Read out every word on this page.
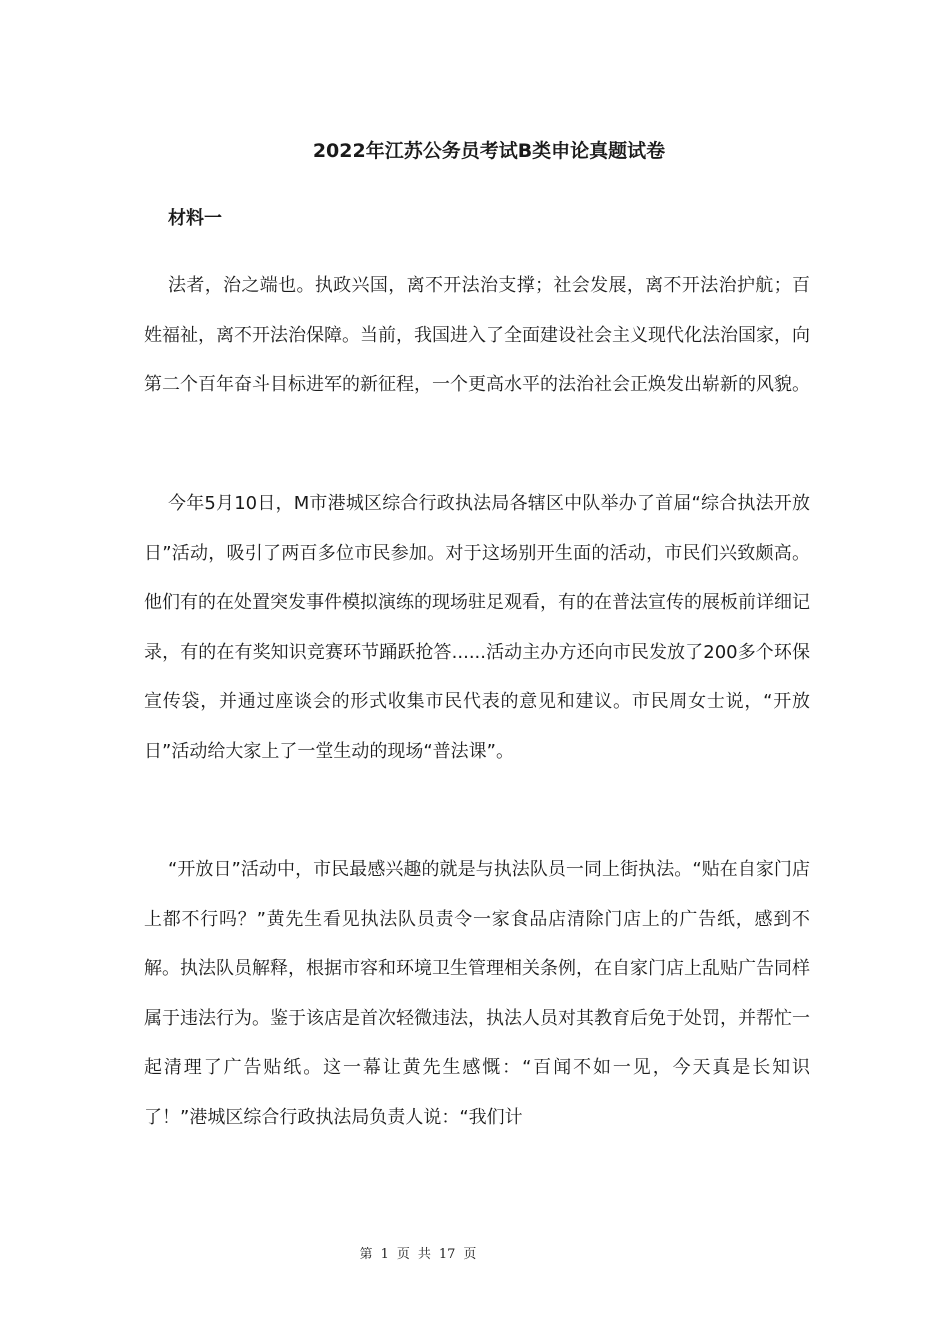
2022年江苏公务员考试B类申论真题试卷
材料一

法者，治之端也。执政兴国，离不开法治支撑；社会发展，离不开法治护航；百姓福祉，离不开法治保障。当前，我国进入了全面建设社会主义现代化法治国家，向第二个百年奋斗目标进军的新征程，一个更高水平的法治社会正焕发出崭新的风貌。

今年5月10日，M市港城区综合行政执法局各辖区中队举办了首届“综合执法开放日”活动，吸引了两百多位市民参加。对于这场别开生面的活动，市民们兴致颇高。他们有的在处置突发事件模拟演练的现场驻足观看，有的在普法宣传的展板前详细记录，有的在有奖知识竞赛环节踊跃抢答......活动主办方还向市民发放了200多个环保宣传袋，并通过座谈会的形式收集市民代表的意见和建议。市民周女士说，“开放日”活动给大家上了一堂生动的现场“普法课”。

“开放日”活动中，市民最感兴趣的就是与执法队员一同上街执法。“贴在自家门店上都不行吗？”黄先生看见执法队员责令一家食品店清除门店上的广告纸，感到不解。执法队员解释，根据市容和环境卫生管理相关条例，在自家门店上乱贴广告同样属于违法行为。鉴于该店是首次轻微违法，执法人员对其教育后免于处罚，并帮忙一起清理了广告贴纸。这一幕让黄先生感慨：“百闻不如一见，今天真是长知识了！”港城区综合行政执法局负责人说：“我们计

第 1 页 共 17 页
